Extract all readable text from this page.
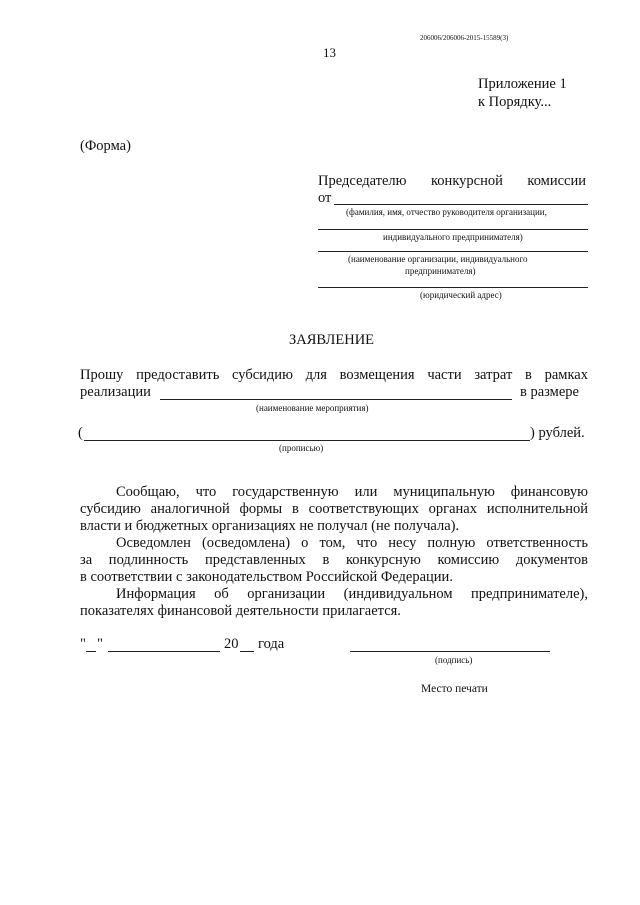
206006/206006-2015-15589(3)
13
Приложение 1
к Порядку...
(Форма)
Председателю конкурсной комиссии
от
(фамилия, имя, отчество руководителя организации,
индивидуального предпринимателя)
(наименование организации, индивидуального
предпринимателя)
(юридический адрес)
ЗАЯВЛЕНИЕ
Прошу предоставить субсидию для возмещения части затрат в рамках
реализации	в размере
(наименование мероприятия)
(	) рублей.
(прописью)
Сообщаю, что государственную или муниципальную финансовую
субсидию аналогичной формы в соответствующих органах исполнительной
власти и бюджетных организациях не получал (не получала).
Осведомлен (осведомлена) о том, что несу полную ответственность
за подлинность представленных в конкурсную комиссию документов
в соответствии с законодательством Российской Федерации.
Информация об организации (индивидуальном предпринимателе),
показателях финансовой деятельности прилагается.
" "	20 года
(подпись)
Место печати
